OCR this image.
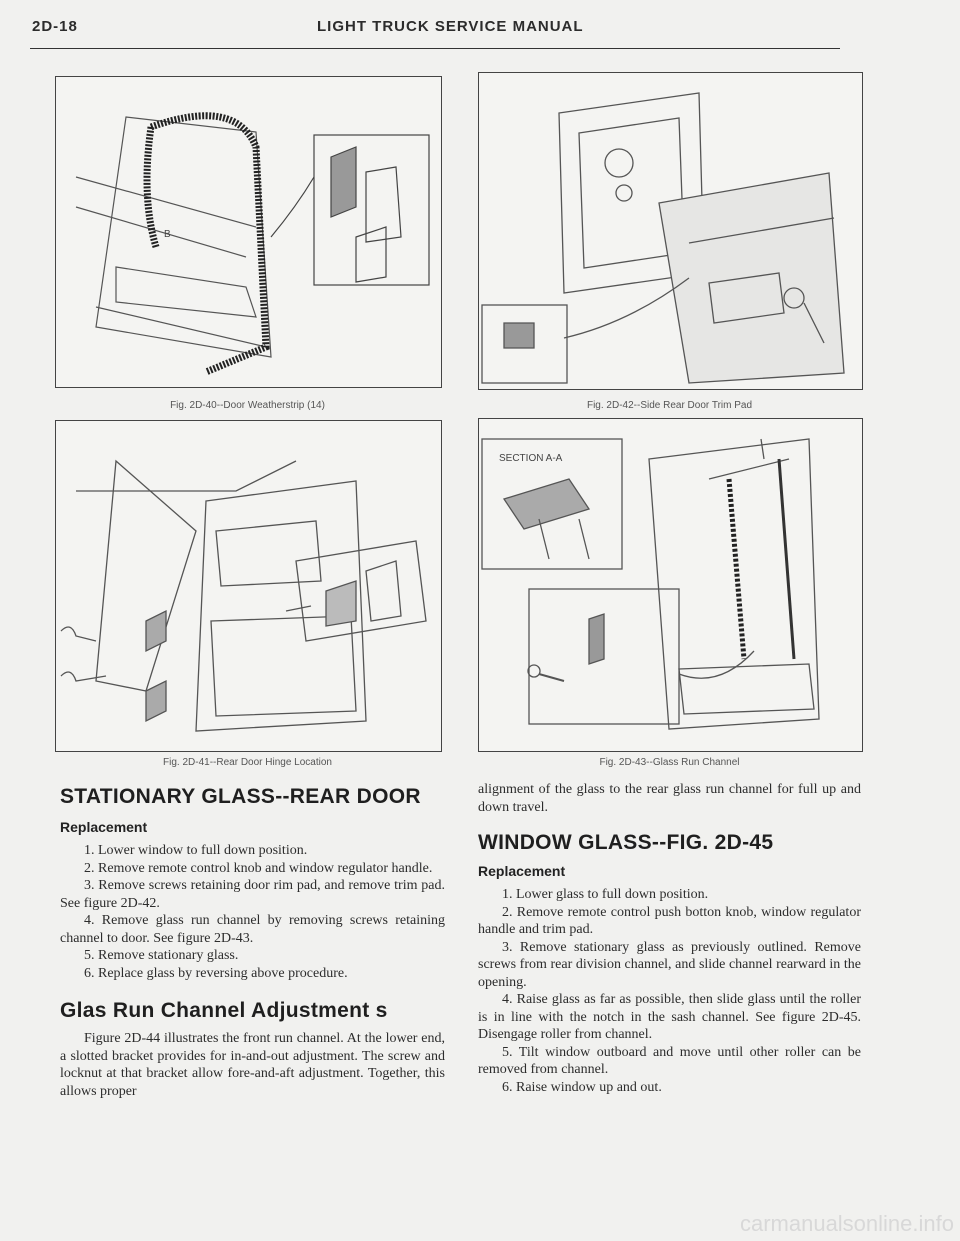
2D-18	LIGHT TRUCK SERVICE MANUAL
B
Fig. 2D-40--Door Weatherstrip (14)
Fig. 2D-41--Rear Door Hinge Location
Fig. 2D-42--Side Rear Door Trim Pad
SECTION A-A
Fig. 2D-43--Glass Run Channel
STATIONARY GLASS--REAR DOOR
Replacement

1. Lower window to full down position.

2. Remove remote control knob and window regulator handle.

3. Remove screws retaining door rim pad, and remove trim pad. See figure 2D-42.

4. Remove glass run channel by removing screws retaining channel to door. See figure 2D-43.

5. Remove stationary glass.

6. Replace glass by reversing above procedure.

Glas Run Channel Adjustment s

Figure 2D-44 illustrates the front run channel. At the lower end, a slotted bracket provides for in-and-out adjustment. The screw and locknut at that bracket allow fore-and-aft adjustment. Together, this allows proper

alignment of the glass to the rear glass run channel for full up and down travel.

WINDOW GLASS--FIG. 2D-45
Replacement

1. Lower glass to full down position.

2. Remove remote control push botton knob, window regulator handle and trim pad.

3. Remove stationary glass as previously outlined. Remove screws from rear division channel, and slide channel rearward in the opening.

4. Raise glass as far as possible, then slide glass until the roller is in line with the notch in the sash channel. See figure 2D-45. Disengage roller from channel.

5. Tilt window outboard and move until other roller can be removed from channel.

6. Raise window up and out.

carmanualsonline.info
